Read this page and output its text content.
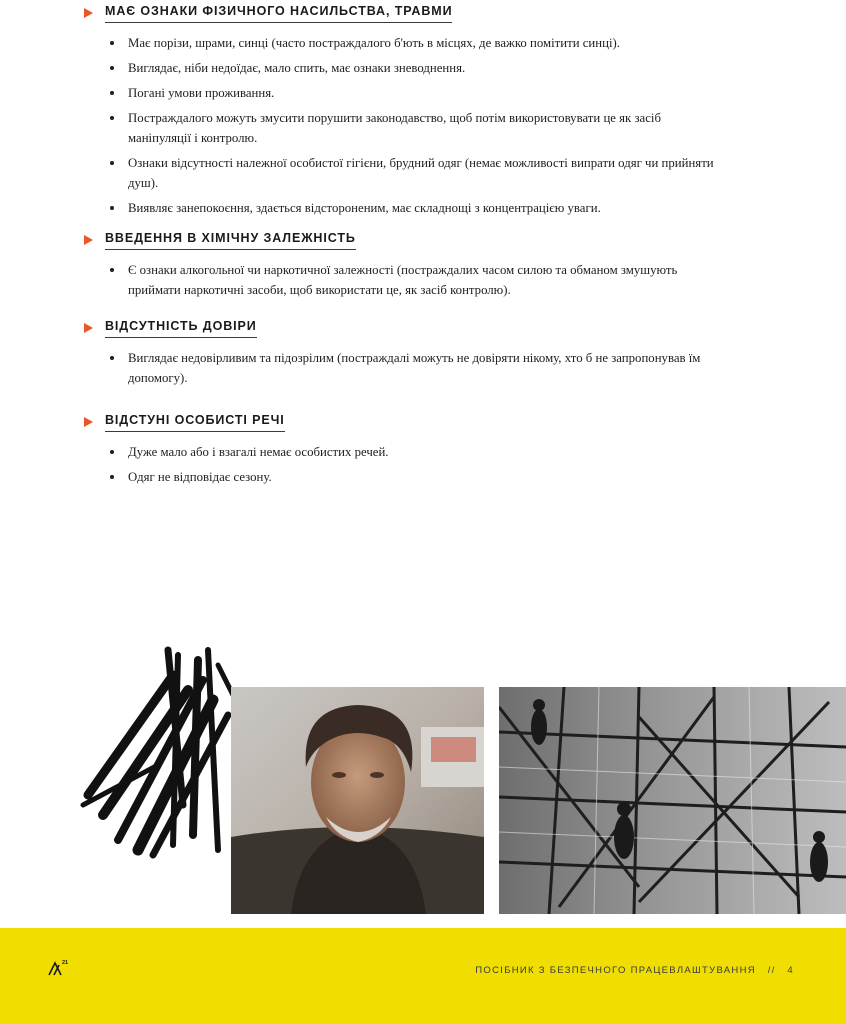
МАЄ ОЗНАКИ ФІЗИЧНОГО НАСИЛЬСТВА, ТРАВМИ
Має порізи, шрами, синці (часто постраждалого б'ють в місцях, де важко помітити синці).
Виглядає, ніби недоїдає, мало спить, має ознаки зневоднення.
Погані умови проживання.
Постраждалого можуть змусити порушити законодавство, щоб потім використовувати це як засіб маніпуляції і контролю.
Ознаки відсутності належної особистої гігієни, брудний одяг (немає можливості випрати одяг чи прийняти душ).
Виявляє занепокоєння, здається відстороненим, має складнощі з концентрацією уваги.
ВВЕДЕННЯ В ХІМІЧНУ ЗАЛЕЖНІСТЬ
Є ознаки алкогольної чи наркотичної залежності (постраждалих часом силою та обманом змушують приймати наркотичні засоби, щоб використати це, як засіб контролю).
ВІДСУТНІСТЬ ДОВІРИ
Виглядає недовірливим та підозрілим (постраждалі можуть не довіряти нікому, хто б не запропонував їм допомогу).
ВІДСТУНІ ОСОБИСТІ РЕЧІ
Дуже мало або і взагалі немає особистих речей.
Одяг не відповідає сезону.
21
ПОСІБНИК З БЕЗПЕЧНОГО ПРАЦЕВЛАШТУВАННЯ   //   4
